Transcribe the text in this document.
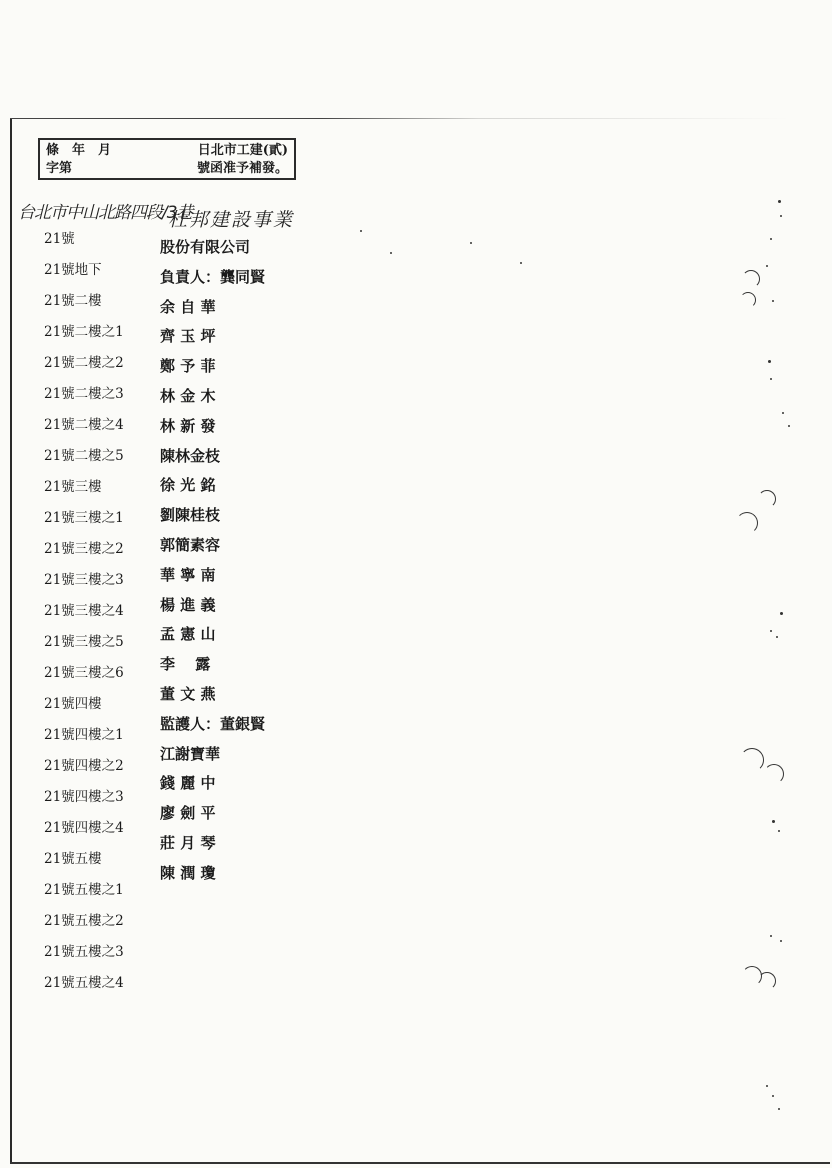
條　年　月	日北市工建(貳)
字第	號函准予補發。
台北市中山北路四段/3巷
杜邦建設事業
21號
21號地下
21號二樓
21號二樓之1
21號二樓之2
21號二樓之3
21號二樓之4
21號二樓之5
21號三樓
21號三樓之1
21號三樓之2
21號三樓之3
21號三樓之4
21號三樓之5
21號三樓之6
21號四樓
21號四樓之1
21號四樓之2
21號四樓之3
21號四樓之4
21號五樓
21號五樓之1
21號五樓之2
21號五樓之3
21號五樓之4
股份有限公司
負責人：龔同賢
余 自 華
齊 玉 坪
鄭 予 菲
林 金 木
林 新 發
陳林金枝
徐 光 銘
劉陳桂枝
郭簡素容
華 寧 南
楊 進 義
孟 憲 山
李　 露
董 文 燕
監護人：董銀賢
江謝寶華
錢 麗 中
廖 劍 平
莊 月 琴
陳 潤 瓊
